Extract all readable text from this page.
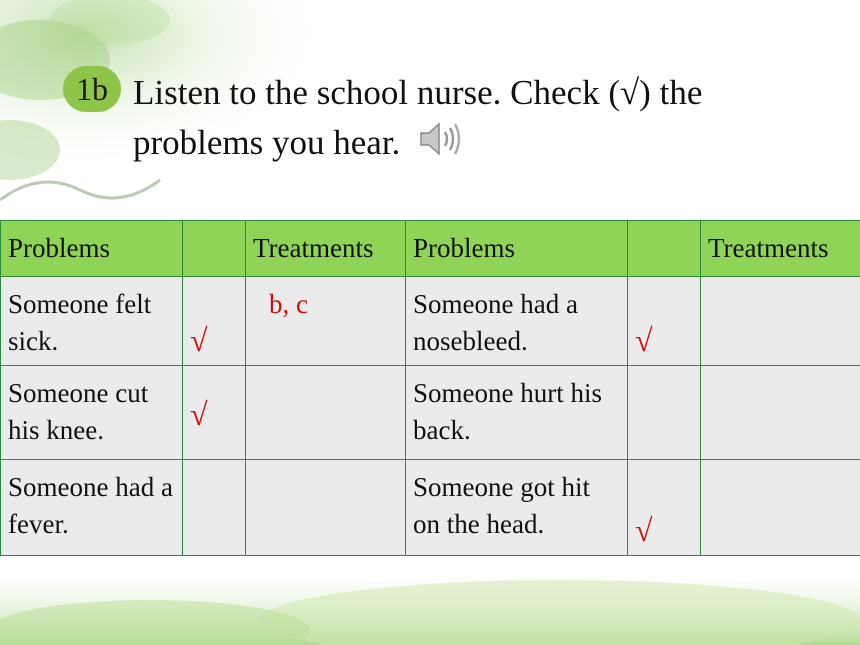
1b Listen to the school nurse. Check (√) the
problems you hear.
Problems		Treatments	Problems		Treatments
Someone felt sick.	√	b, c	Someone had a nosebleed.	√	
Someone cut his knee.	√		Someone hurt his back.		
Someone had a fever.			Someone got hit on the head.	√	
